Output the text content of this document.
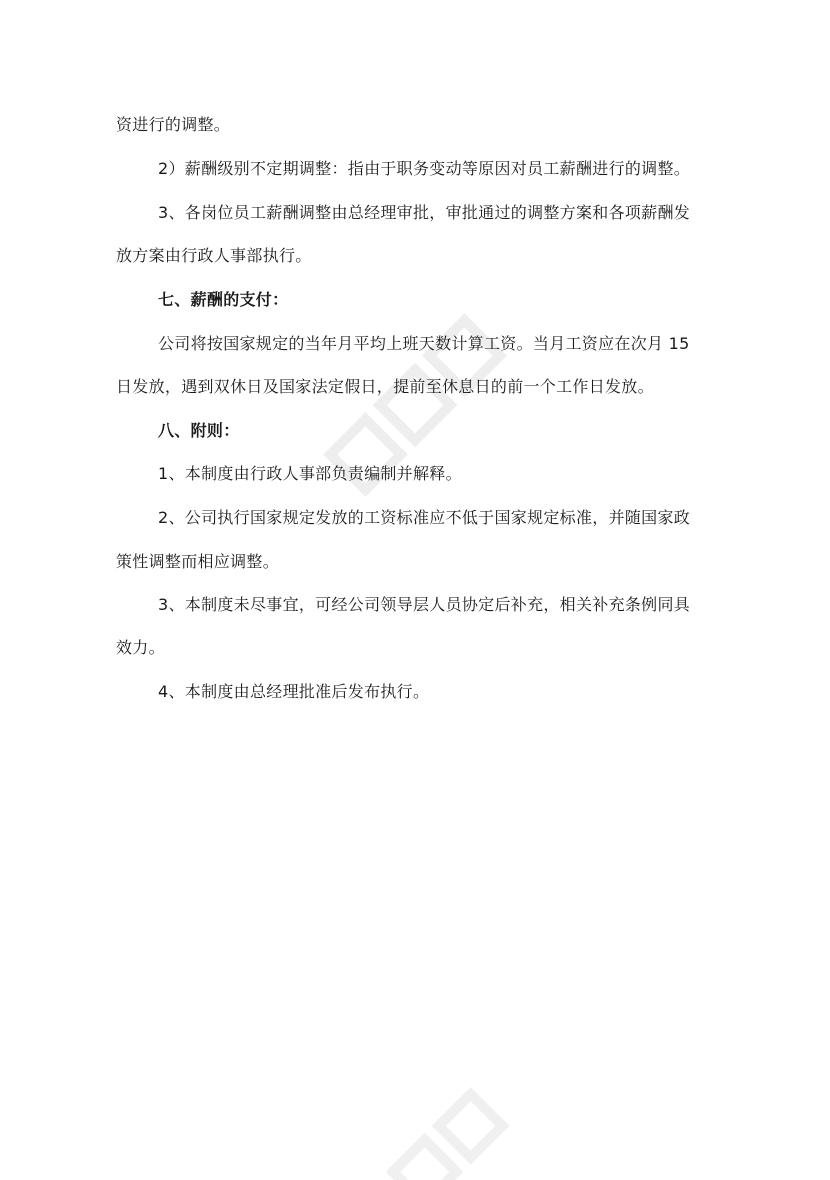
资进行的调整。
2）薪酬级别不定期调整：指由于职务变动等原因对员工薪酬进行的调整。
3、各岗位员工薪酬调整由总经理审批，审批通过的调整方案和各项薪酬发
放方案由行政人事部执行。
七、薪酬的支付：
公司将按国家规定的当年月平均上班天数计算工资。当月工资应在次月 15
日发放，遇到双休日及国家法定假日，提前至休息日的前一个工作日发放。
八、附则：
1、本制度由行政人事部负责编制并解释。
2、公司执行国家规定发放的工资标准应不低于国家规定标准，并随国家政
策性调整而相应调整。
3、本制度未尽事宜，可经公司领导层人员协定后补充，相关补充条例同具
效力。
4、本制度由总经理批准后发布执行。
